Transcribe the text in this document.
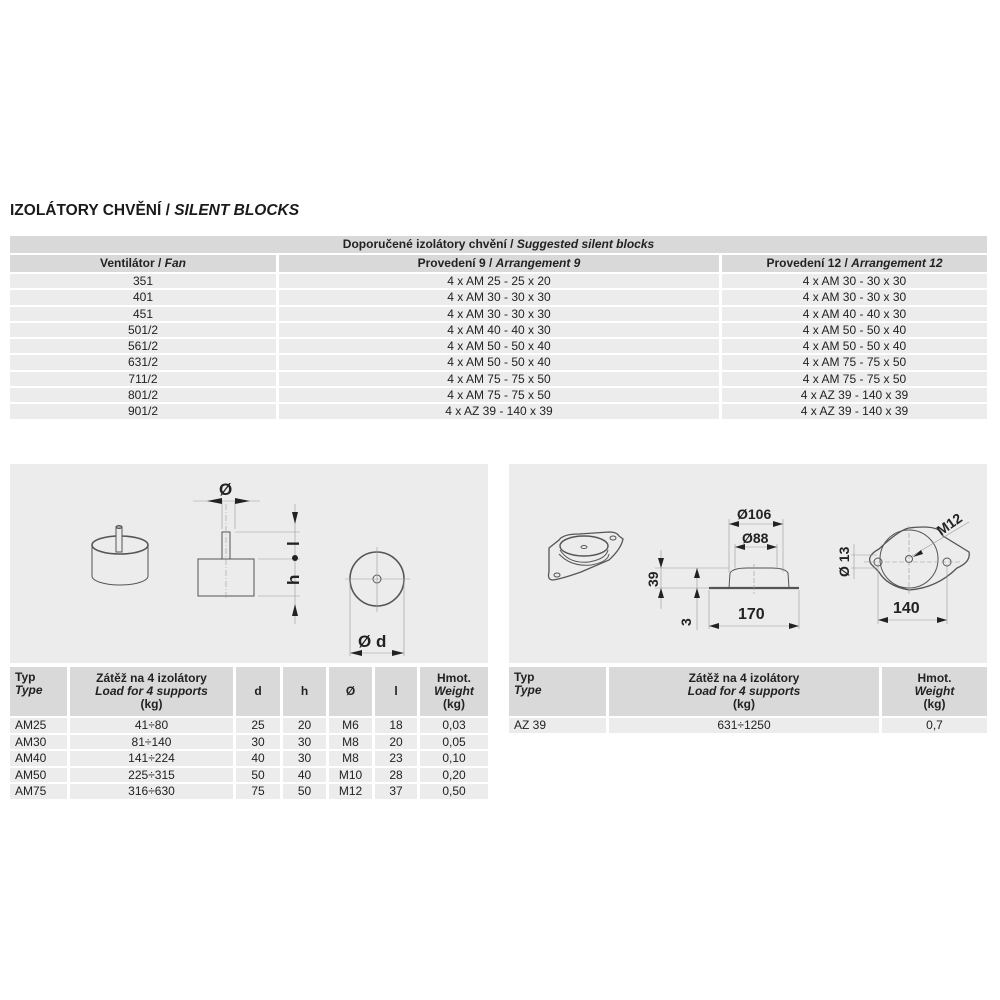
IZOLÁTORY CHVĚNÍ / SILENT BLOCKS
Doporučené izolátory chvění / Suggested silent blocks		
Ventilátor / Fan	Provedení 9 / Arrangement 9	Provedení 12 / Arrangement 12
351	4 x AM 25 - 25 x 20	4 x AM 30 - 30 x 30
401	4 x AM 30 - 30 x 30	4 x AM 30 - 30 x 30
451	4 x AM 30 - 30 x 30	4 x AM 40 - 40 x 30
501/2	4 x AM 40 - 40 x 30	4 x AM 50 - 50 x 40
561/2	4 x AM 50 - 50 x 40	4 x AM 50 - 50 x 40
631/2	4 x AM 50 - 50 x 40	4 x AM 75 - 75 x 50
711/2	4 x AM 75 - 75 x 50	4 x AM 75 - 75 x 50
801/2	4 x AM 75 - 75 x 50	4 x AZ 39 - 140 x 39
901/2	4 x AZ 39 - 140 x 39	4 x AZ 39 - 140 x 39
Ø
l
h
Ø d
Ø106
Ø88
39
3	170
Ø 13
M12
140
Typ
Type	Zátěž na 4 izolátory
Load for 4 supports
(kg)	d	h	Ø	l	Hmot.
Weight
(kg)

AM25	41÷80	25	20	M6	18	0,03
AM30	81÷140	30	30	M8	20	0,05
AM40	141÷224	40	30	M8	23	0,10
AM50	225÷315	50	40	M10	28	0,20
AM75	316÷630	75	50	M12	37	0,50
Typ
Type	Zátěž na 4 izolátory
Load for 4 supports
(kg)	Hmot.
Weight
(kg)

AZ 39	631÷1250	0,7
